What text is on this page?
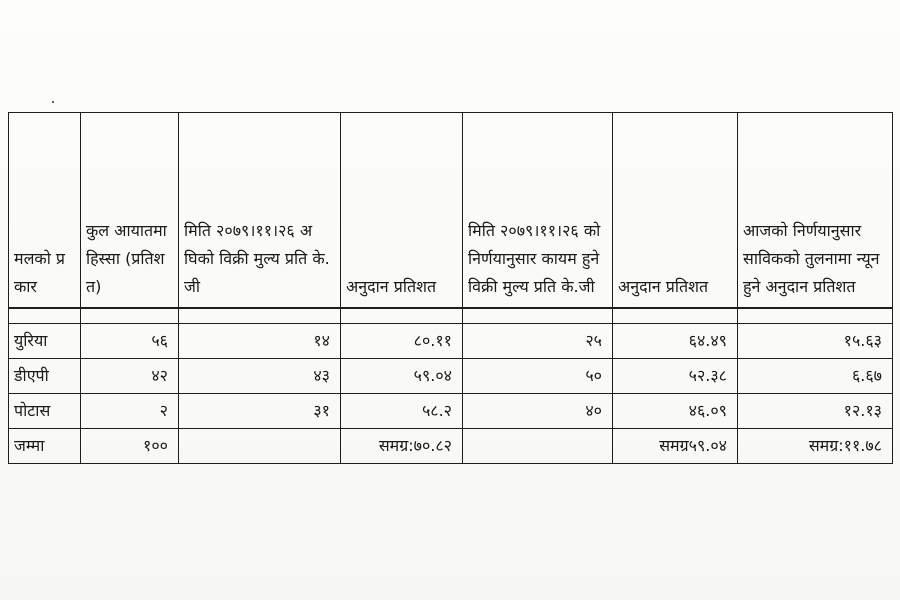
मलको प्रकार	कुल आयातमा हिस्सा (प्रतिशत)	मिति २०७९।११।२६ अघिको विक्री मुल्य प्रति के.जी	अनुदान प्रतिशत	मिति २०७९।११।२६ को निर्णयानुसार कायम हुने विक्री मुल्य प्रति के.जी	अनुदान प्रतिशत	आजको निर्णयानुसार साविकको तुलनामा न्यून हुने अनुदान प्रतिशत

युरिया	५६	१४	८०.११	२५	६४.४९	१५.६३
डीएपी	४२	४३	५९.०४	५०	५२.३८	६.६७
पोटास	२	३१	५८.२	४०	४६.०९	१२.१३
जम्मा	१००		समग्र:७०.८२		समग्र५९.०४	समग्र:११.७८
